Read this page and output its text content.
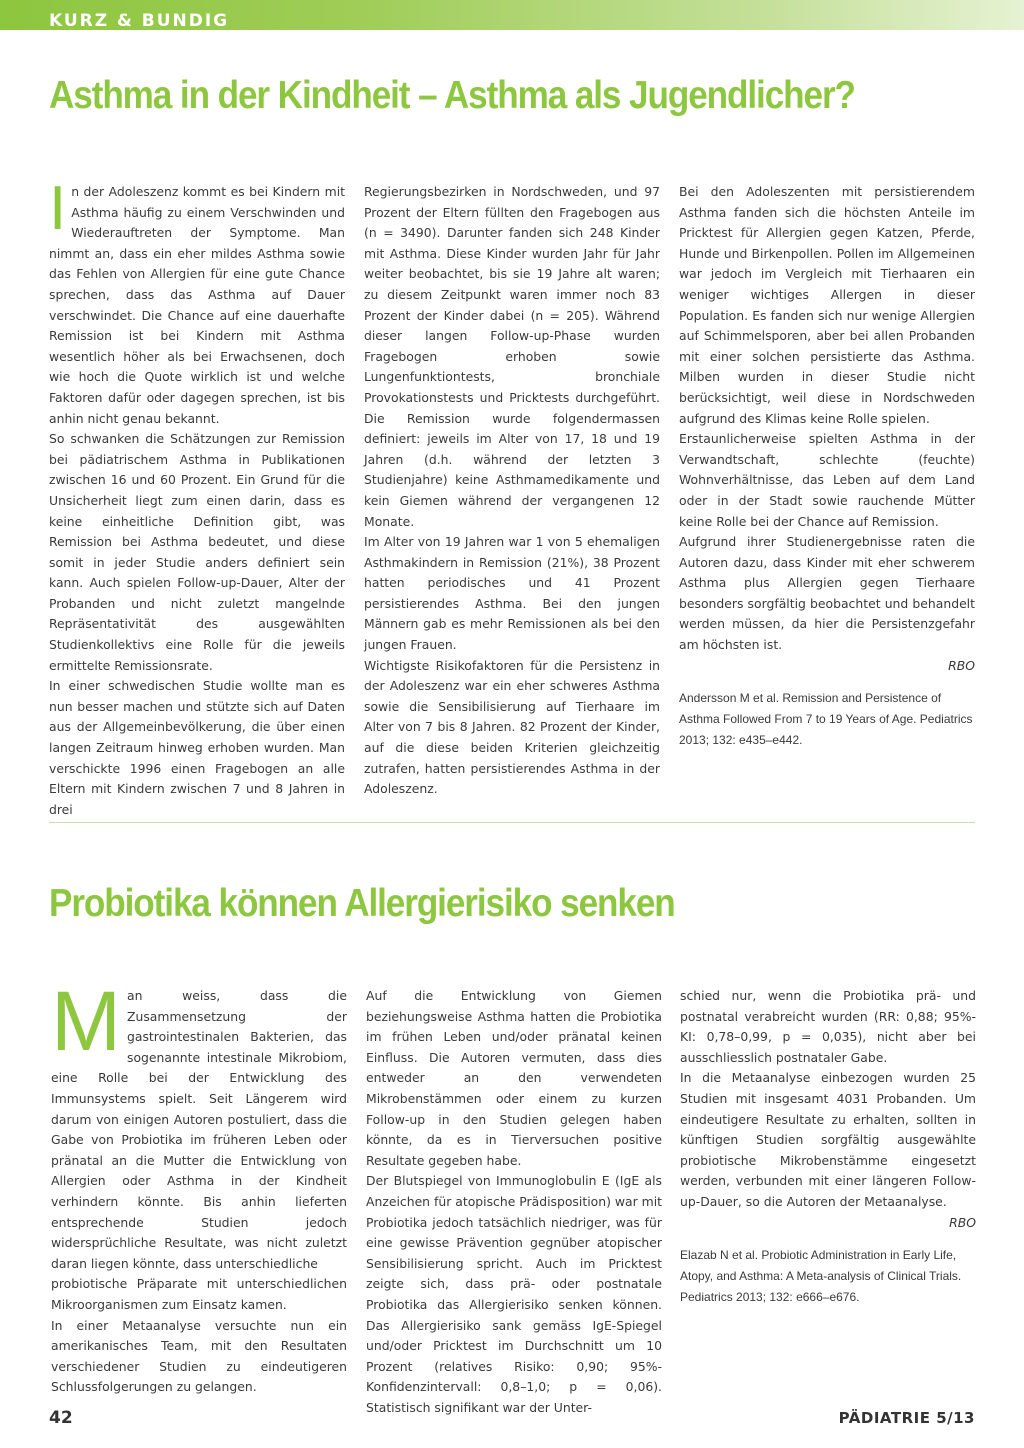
KURZ & BÜNDIG
Asthma in der Kindheit – Asthma als Jugendlicher?

In der Adoleszenz kommt es bei Kindern mit Asthma häufig zu einem Verschwinden und Wiederauftreten der Symptome. Man nimmt an, dass ein eher mildes Asthma sowie das Fehlen von Allergien für eine gute Chance sprechen, dass das Asthma auf Dauer verschwindet. Die Chance auf eine dauerhafte Remission ist bei Kindern mit Asthma wesentlich höher als bei Erwachsenen, doch wie hoch die Quote wirklich ist und welche Faktoren dafür oder dagegen sprechen, ist bis anhin nicht genau bekannt.

So schwanken die Schätzungen zur Remission bei pädiatrischem Asthma in Publikationen zwischen 16 und 60 Prozent. Ein Grund für die Unsicherheit liegt zum einen darin, dass es keine einheitliche Definition gibt, was Remission bei Asthma bedeutet, und diese somit in jeder Studie anders definiert sein kann. Auch spielen Follow-up-Dauer, Alter der Probanden und nicht zuletzt mangelnde Repräsentativität des ausgewählten Studienkollektivs eine Rolle für die jeweils ermittelte Remissionsrate.

In einer schwedischen Studie wollte man es nun besser machen und stützte sich auf Daten aus der Allgemeinbevölkerung, die über einen langen Zeitraum hinweg erhoben wurden. Man verschickte 1996 einen Fragebogen an alle Eltern mit Kindern zwischen 7 und 8 Jahren in drei

Regierungsbezirken in Nordschweden, und 97 Prozent der Eltern füllten den Fragebogen aus (n = 3490). Darunter fanden sich 248 Kinder mit Asthma. Diese Kinder wurden Jahr für Jahr weiter beobachtet, bis sie 19 Jahre alt waren; zu diesem Zeitpunkt waren immer noch 83 Prozent der Kinder dabei (n = 205). Während dieser langen Follow-up-Phase wurden Fragebogen erhoben sowie Lungenfunktiontests, bronchiale Provokationstests und Pricktests durchgeführt. Die Remission wurde folgendermassen definiert: jeweils im Alter von 17, 18 und 19 Jahren (d.h. während der letzten 3 Studienjahre) keine Asthmamedikamente und kein Giemen während der vergangenen 12 Monate.

Im Alter von 19 Jahren war 1 von 5 ehemaligen Asthmakindern in Remission (21%), 38 Prozent hatten periodisches und 41 Prozent persistierendes Asthma. Bei den jungen Männern gab es mehr Remissionen als bei den jungen Frauen.

Wichtigste Risikofaktoren für die Persistenz in der Adoleszenz war ein eher schweres Asthma sowie die Sensibilisierung auf Tierhaare im Alter von 7 bis 8 Jahren. 82 Prozent der Kinder, auf die diese beiden Kriterien gleichzeitig zutrafen, hatten persistierendes Asthma in der Adoleszenz.

Bei den Adoleszenten mit persistierendem Asthma fanden sich die höchsten Anteile im Pricktest für Allergien gegen Katzen, Pferde, Hunde und Birkenpollen. Pollen im Allgemeinen war jedoch im Vergleich mit Tierhaaren ein weniger wichtiges Allergen in dieser Population. Es fanden sich nur wenige Allergien auf Schimmelsporen, aber bei allen Probanden mit einer solchen persistierte das Asthma. Milben wurden in dieser Studie nicht berücksichtigt, weil diese in Nordschweden aufgrund des Klimas keine Rolle spielen.

Erstaunlicherweise spielten Asthma in der Verwandtschaft, schlechte (feuchte) Wohnverhältnisse, das Leben auf dem Land oder in der Stadt sowie rauchende Mütter keine Rolle bei der Chance auf Remission.

Aufgrund ihrer Studienergebnisse raten die Autoren dazu, dass Kinder mit eher schwerem Asthma plus Allergien gegen Tierhaare besonders sorgfältig beobachtet und behandelt werden müssen, da hier die Persistenzgefahr am höchsten ist.

RBO

Andersson M et al. Remission and Persistence of Asthma Followed From 7 to 19 Years of Age. Pediatrics 2013; 132: e435–e442.

Probiotika können Allergierisiko senken

Man weiss, dass die Zusammensetzung der gastrointestinalen Bakterien, das sogenannte intestinale Mikrobiom, eine Rolle bei der Entwicklung des Immunsystems spielt. Seit Längerem wird darum von einigen Autoren postuliert, dass die Gabe von Probiotika im früheren Leben oder pränatal an die Mutter die Entwicklung von Allergien oder Asthma in der Kindheit verhindern könnte. Bis anhin lieferten entsprechende Studien jedoch widersprüchliche Resultate, was nicht zuletzt daran liegen könnte, dass unterschiedliche

probiotische Präparate mit unterschiedlichen Mikroorganismen zum Einsatz kamen.

In einer Metaanalyse versuchte nun ein amerikanisches Team, mit den Resultaten verschiedener Studien zu eindeutigeren Schlussfolgerungen zu gelangen.

Auf die Entwicklung von Giemen beziehungsweise Asthma hatten die Probiotika im frühen Leben und/oder pränatal keinen Einfluss. Die Autoren vermuten, dass dies entweder an den verwendeten Mikrobenstämmen oder einem zu kurzen Follow-up in den Studien gelegen haben könnte, da es in Tierversuchen positive Resultate gegeben habe.

Der Blutspiegel von Immunoglobulin E (IgE als Anzeichen für atopische Prädisposition) war mit Probiotika jedoch tatsächlich niedriger, was für eine gewisse Prävention gegnüber atopischer Sensibilisierung spricht. Auch im Pricktest zeigte sich, dass prä- oder postnatale Probiotika das Allergierisiko senken können. Das Allergierisiko sank gemäss IgE-Spiegel und/oder Pricktest im Durchschnitt um 10 Prozent (relatives Risiko: 0,90; 95%-Konfidenzintervall: 0,8–1,0; p = 0,06). Statistisch signifikant war der Unter-

schied nur, wenn die Probiotika prä- und postnatal verabreicht wurden (RR: 0,88; 95%-KI: 0,78–0,99, p = 0,035), nicht aber bei ausschliesslich postnataler Gabe.

In die Metaanalyse einbezogen wurden 25 Studien mit insgesamt 4031 Probanden. Um eindeutigere Resultate zu erhalten, sollten in künftigen Studien sorgfältig ausgewählte probiotische Mikrobenstämme eingesetzt werden, verbunden mit einer längeren Follow-up-Dauer, so die Autoren der Metaanalyse.

RBO

Elazab N et al. Probiotic Administration in Early Life, Atopy, and Asthma: A Meta-analysis of Clinical Trials. Pediatrics 2013; 132: e666–e676.

42	PÄDIATRIE 5/13
